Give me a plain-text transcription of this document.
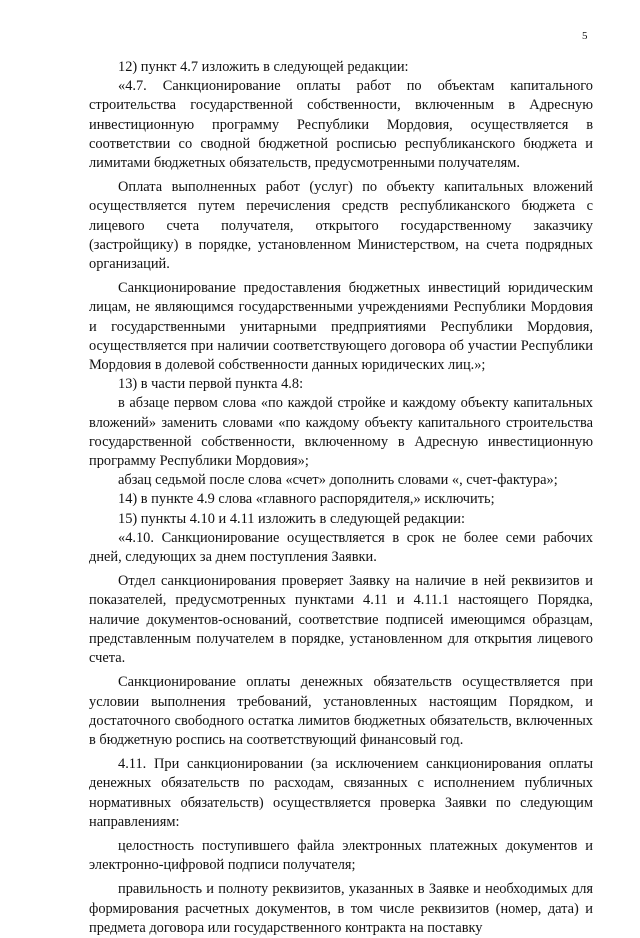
5

12) пункт 4.7 изложить в следующей редакции:

«4.7. Санкционирование оплаты работ по объектам капитального строительства государственной собственности, включенным в Адресную инвестиционную программу Республики Мордовия, осуществляется в соответствии со сводной бюджетной росписью республиканского бюджета и лимитами бюджетных обязательств, предусмотренными получателям.

Оплата выполненных работ (услуг) по объекту капитальных вложений осуществляется путем перечисления средств республиканского бюджета с лицевого счета получателя, открытого государственному заказчику (застройщику) в порядке, установленном Министерством, на счета подрядных организаций.

Санкционирование предоставления бюджетных инвестиций юридическим лицам, не являющимся государственными учреждениями Республики Мордовия и государственными унитарными предприятиями Республики Мордовия, осуществляется при наличии соответствующего договора об участии Республики Мордовия в долевой собственности данных юридических лиц.»;

13) в части первой пункта 4.8:

в абзаце первом слова «по каждой стройке и каждому объекту капитальных вложений» заменить словами «по каждому объекту капитального строительства государственной собственности, включенному в Адресную инвестиционную программу Республики Мордовия»;

абзац седьмой после слова «счет» дополнить словами «, счет-фактура»;

14) в пункте 4.9 слова «главного распорядителя,» исключить;

15) пункты 4.10 и 4.11 изложить в следующей редакции:

«4.10. Санкционирование осуществляется в срок не более семи рабочих дней, следующих за днем поступления Заявки.

Отдел санкционирования проверяет Заявку на наличие в ней реквизитов и показателей, предусмотренных пунктами 4.11 и 4.11.1 настоящего Порядка, наличие документов-оснований, соответствие подписей имеющимся образцам, представленным получателем в порядке, установленном для открытия лицевого счета.

Санкционирование оплаты денежных обязательств осуществляется при условии выполнения требований, установленных настоящим Порядком, и достаточного свободного остатка лимитов бюджетных обязательств, включенных в бюджетную роспись на соответствующий финансовый год.

4.11. При санкционировании (за исключением санкционирования оплаты денежных обязательств по расходам, связанных с исполнением публичных нормативных обязательств) осуществляется проверка Заявки по следующим направлениям:

целостность поступившего файла электронных платежных документов и электронно-цифровой подписи получателя;

правильность и полноту реквизитов, указанных в Заявке и необходимых для формирования расчетных документов, в том числе реквизитов (номер, дата) и предмета договора или государственного контракта на поставку
